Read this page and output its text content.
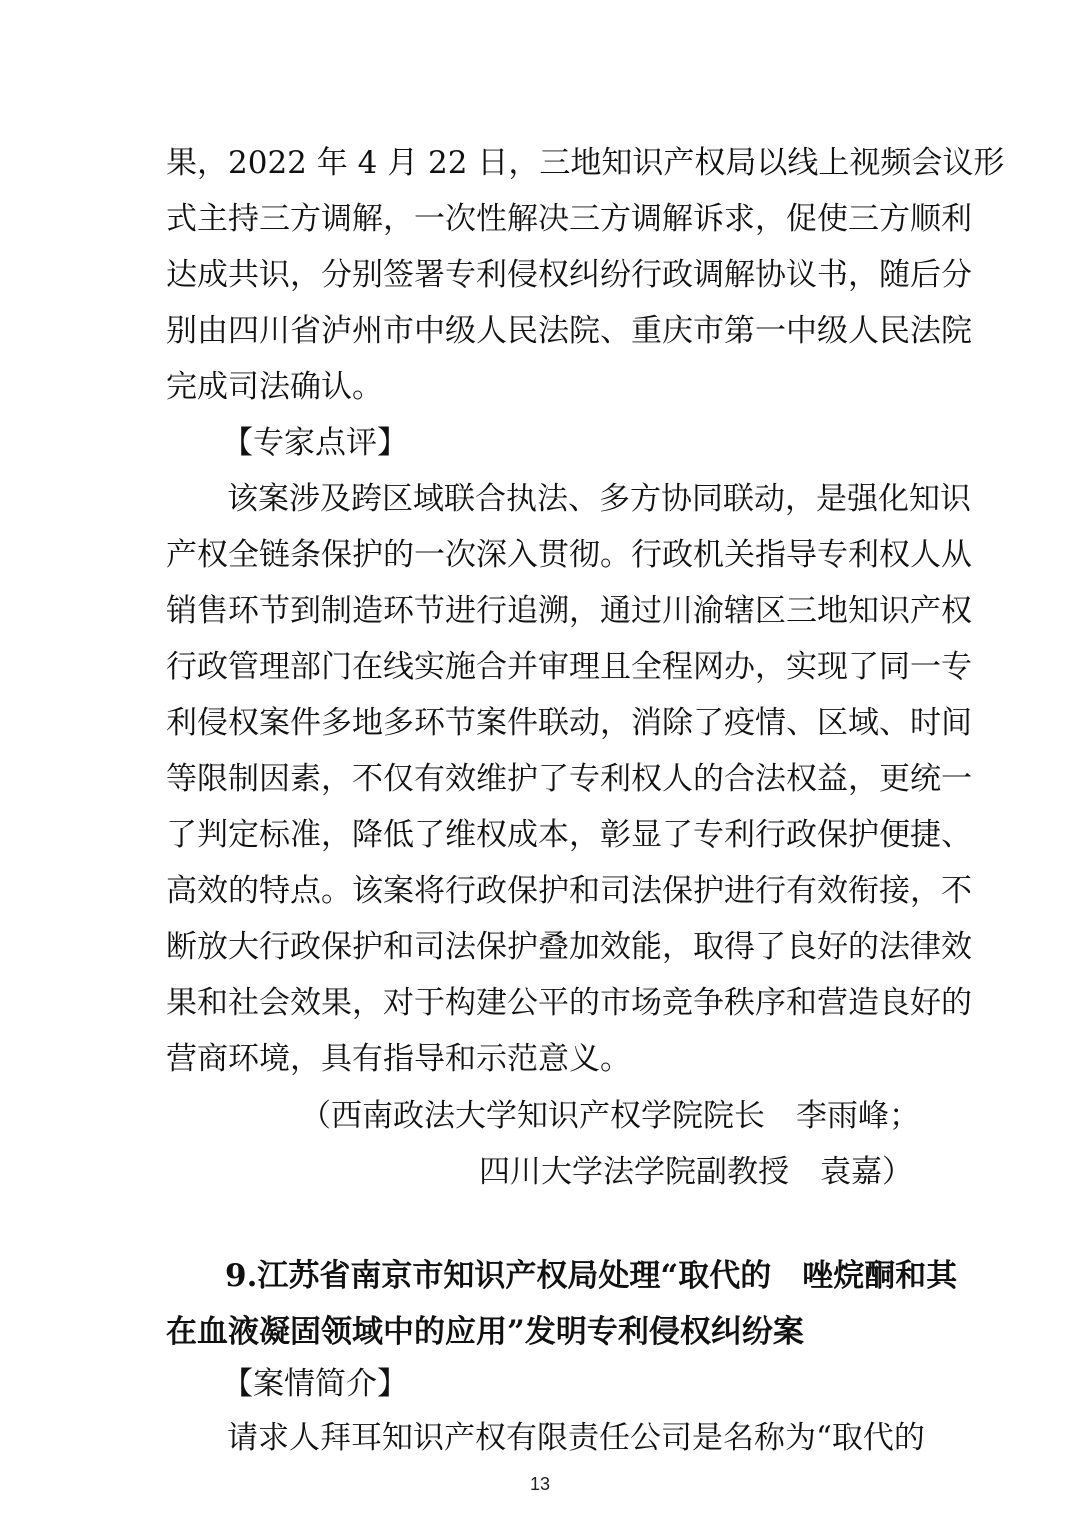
果，2022 年 4 月 22 日，三地知识产权局以线上视频会议形
式主持三方调解，一次性解决三方调解诉求，促使三方顺利
达成共识，分别签署专利侵权纠纷行政调解协议书，随后分
别由四川省泸州市中级人民法院、重庆市第一中级人民法院
完成司法确认。
【专家点评】
该案涉及跨区域联合执法、多方协同联动，是强化知识
产权全链条保护的一次深入贯彻。行政机关指导专利权人从
销售环节到制造环节进行追溯，通过川渝辖区三地知识产权
行政管理部门在线实施合并审理且全程网办，实现了同一专
利侵权案件多地多环节案件联动，消除了疫情、区域、时间
等限制因素，不仅有效维护了专利权人的合法权益，更统一
了判定标准，降低了维权成本，彰显了专利行政保护便捷、
高效的特点。该案将行政保护和司法保护进行有效衔接，不
断放大行政保护和司法保护叠加效能，取得了良好的法律效
果和社会效果，对于构建公平的市场竞争秩序和营造良好的
营商环境，具有指导和示范意义。
（西南政法大学知识产权学院院长　李雨峰；
四川大学法学院副教授　袁嘉）
9.江苏省南京市知识产权局处理“取代的　唑烷酮和其
在血液凝固领域中的应用”发明专利侵权纠纷案
【案情简介】
请求人拜耳知识产权有限责任公司是名称为“取代的
13
